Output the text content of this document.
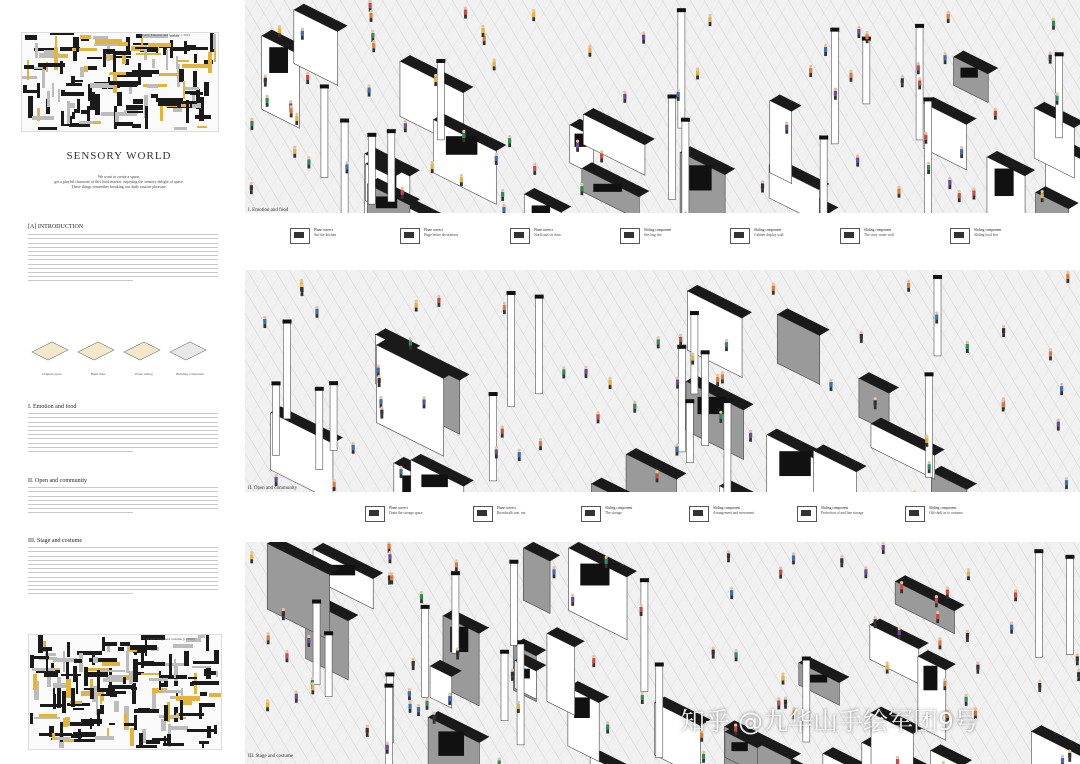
PLAN: Emotion and food (sc 1:300)
SENSORY WORLD
We want to create a space,
get a playful character of this food market, enjoying the sensory delight of space.
These things remember breaking our daily routine pleasure.
[A] INTRODUCTION
Original space	Build lines	Plane setting	Building component
I. Emotion and food
II. Open and community
III. Stage and costume
PLAN: Stage and costume (1:3000)
I. Emotion and food
Plane correct
Sits the kitchen
Plane correct
Huge better decorations
Plane correct
North and sit chair
Sliding component
Sits hug fire
Sliding component
Cabinet display wall
Sliding component
The story water wall
Sliding component
Sliding food box
II. Open and community
Plane correct
Drain the storage space
Plane correct
Boardwalk seat, net
Sliding component
The storage
Sliding component
Arrangement and movement
Sliding component
Protection of and line storage
Sliding component
Old shelf as to costume
III. Stage and costume
知乎 @九华山手绘军团9号
